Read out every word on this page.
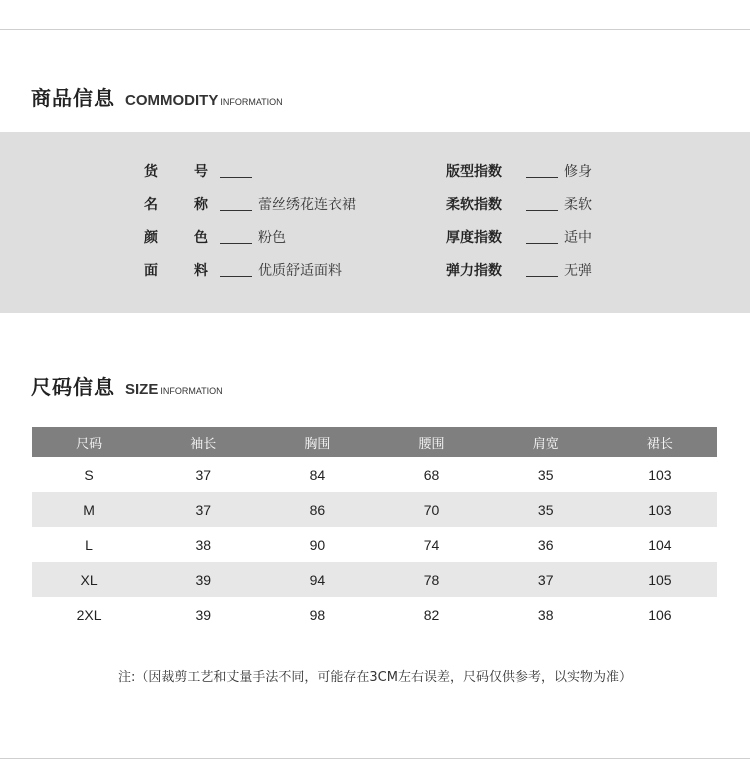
商品信息 COMMODITY INFORMATION
货	号
名	称	蕾丝绣花连衣裙
颜	色	粉色
面	料	优质舒适面料
版型指数	修身
柔软指数	柔软
厚度指数	适中
弹力指数	无弹
尺码信息 SIZE INFORMATION
尺码	袖长	胸围	腰围	肩宽	裙长
S	37	84	68	35	103
M	37	86	70	35	103
L	38	90	74	36	104
XL	39	94	78	37	105
2XL	39	98	82	38	106
注:（因裁剪工艺和丈量手法不同，可能存在3CM左右误差，尺码仅供参考，以实物为准）
